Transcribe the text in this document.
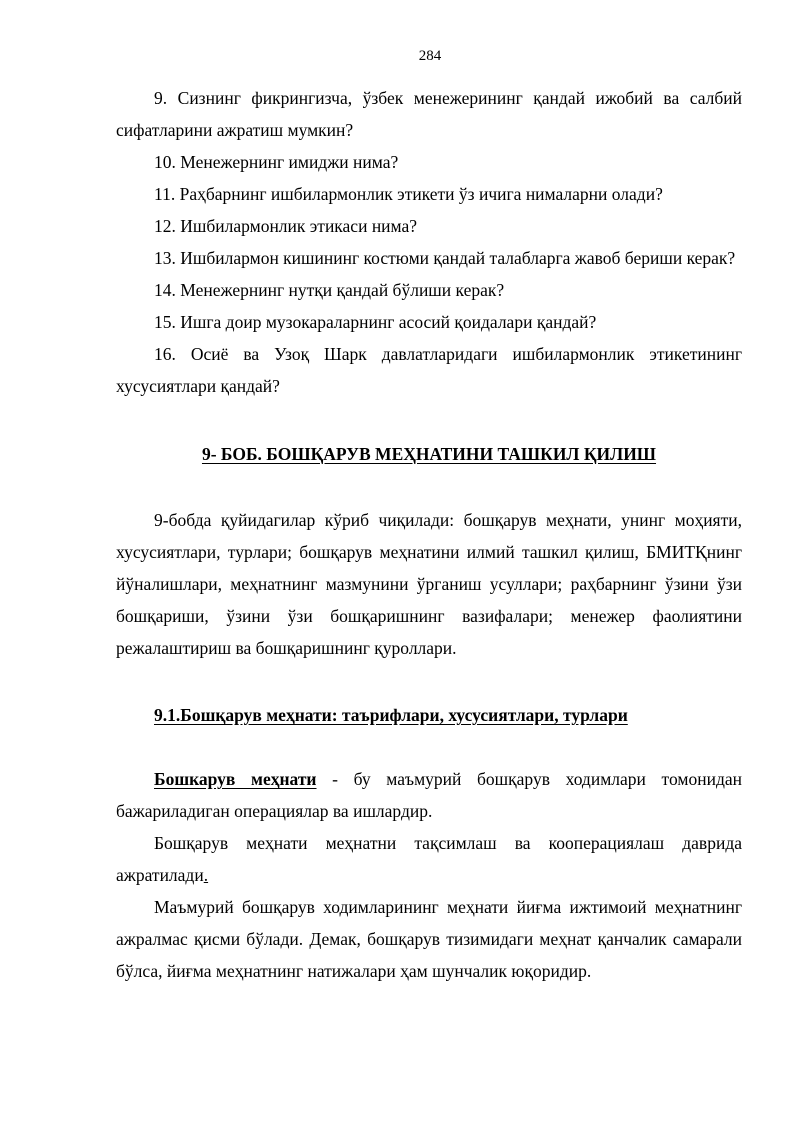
284

9. Сизнинг фикрингизча, ўзбек менежерининг қандай ижобий ва салбий сифатларини ажратиш мумкин?

10. Менежернинг имиджи нима?

11. Раҳбарнинг ишбилармонлик этикети ўз ичига нималарни олади?

12. Ишбилармонлик этикаси нима?

13. Ишбилармон кишининг костюми қандай талабларга жавоб бериши керак?

14. Менежернинг нутқи қандай бўлиши керак?

15. Ишга доир музокараларнинг асосий қоидалари қандай?

16. Осиё ва Узоқ Шарк давлатларидаги ишбилармонлик этикетининг хусусиятлари қандай?

9- БОБ. БОШҚАРУВ МЕҲНАТИНИ ТАШКИЛ ҚИЛИШ

9-бобда қуйидагилар кўриб чиқилади: бошқарув меҳнати, унинг моҳияти, хусусиятлари, турлари; бошқарув меҳнатини илмий ташкил қилиш, БМИТҚнинг йўналишлари, меҳнатнинг мазмунини ўрганиш усуллари; раҳбарнинг ўзини ўзи бошқариши, ўзини ўзи бошқаришнинг вазифалари; менежер фаолиятини режалаштириш ва бошқаришнинг қуроллари.

9.1.Бошқарув меҳнати: таърифлари, хусусиятлари, турлари

Бошкарув меҳнати - бу маъмурий бошқарув ходимлари томонидан бажариладиган операциялар ва ишлардир.

Бошқарув меҳнати меҳнатни тақсимлаш ва кооперациялаш даврида ажратилади.

Маъмурий бошқарув ходимларининг меҳнати йиғма ижтимоий меҳнатнинг ажралмас қисми бўлади. Демак, бошқарув тизимидаги меҳнат қанчалик самарали бўлса, йиғма меҳнатнинг натижалари ҳам шунчалик юқоридир.
